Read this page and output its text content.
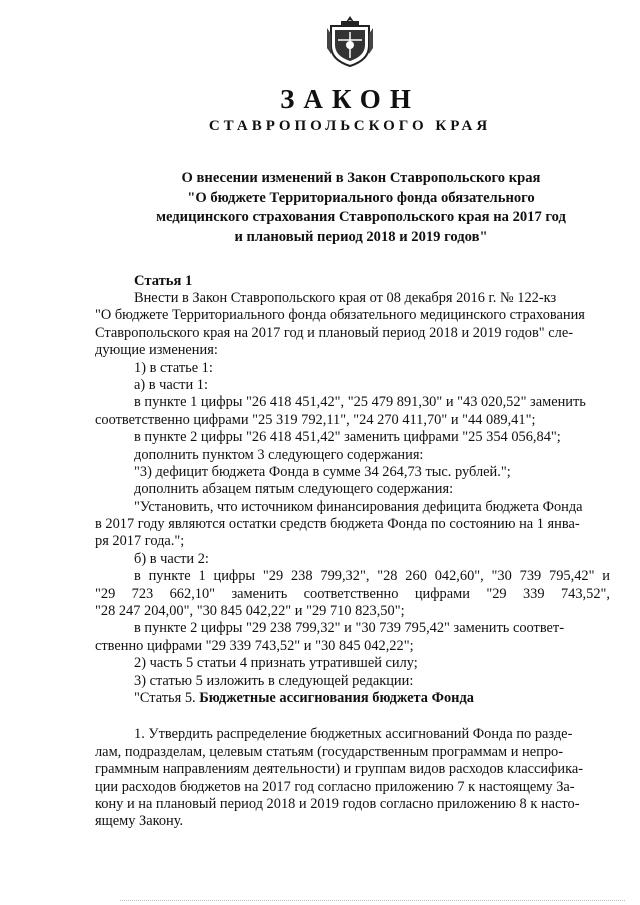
ЗАКОН
СТАВРОПОЛЬСКОГО КРАЯ
О внесении изменений в Закон Ставропольского края
"О бюджете Территориального фонда обязательного
медицинского страхования Ставропольского края на 2017 год
и плановый период 2018 и 2019 годов"
Статья 1
Внести в Закон Ставропольского края от 08 декабря 2016 г. № 122-кз
"О бюджете Территориального фонда обязательного медицинского страхования
Ставропольского края на 2017 год и плановый период 2018 и 2019 годов" сле-
дующие изменения:
1) в статье 1:
а) в части 1:
в пункте 1 цифры "26 418 451,42", "25 479 891,30" и "43 020,52" заменить
соответственно цифрами "25 319 792,11", "24 270 411,70" и "44 089,41";
в пункте 2 цифры "26 418 451,42" заменить цифрами "25 354 056,84";
дополнить пунктом 3 следующего содержания:
"3) дефицит бюджета Фонда в сумме 34 264,73 тыс. рублей.";
дополнить абзацем пятым следующего содержания:
"Установить, что источником финансирования дефицита бюджета Фонда
в 2017 году являются остатки средств бюджета Фонда по состоянию на 1 янва-
ря 2017 года.";
б) в части 2:
в пункте 1 цифры "29 238 799,32", "28 260 042,60", "30 739 795,42" и
"29 723 662,10" заменить соответственно цифрами "29 339 743,52",
"28 247 204,00", "30 845 042,22" и "29 710 823,50";
в пункте 2 цифры "29 238 799,32" и "30 739 795,42" заменить соответ-
ственно цифрами "29 339 743,52" и "30 845 042,22";
2) часть 5 статьи 4 признать утратившей силу;
3) статью 5 изложить в следующей редакции:
"Статья 5. Бюджетные ассигнования бюджета Фонда
1. Утвердить распределение бюджетных ассигнований Фонда по разде-
лам, подразделам, целевым статьям (государственным программам и непро-
граммным направлениям деятельности) и группам видов расходов классифика-
ции расходов бюджетов на 2017 год согласно приложению 7 к настоящему За-
кону и на плановый период 2018 и 2019 годов согласно приложению 8 к насто-
ящему Закону.
